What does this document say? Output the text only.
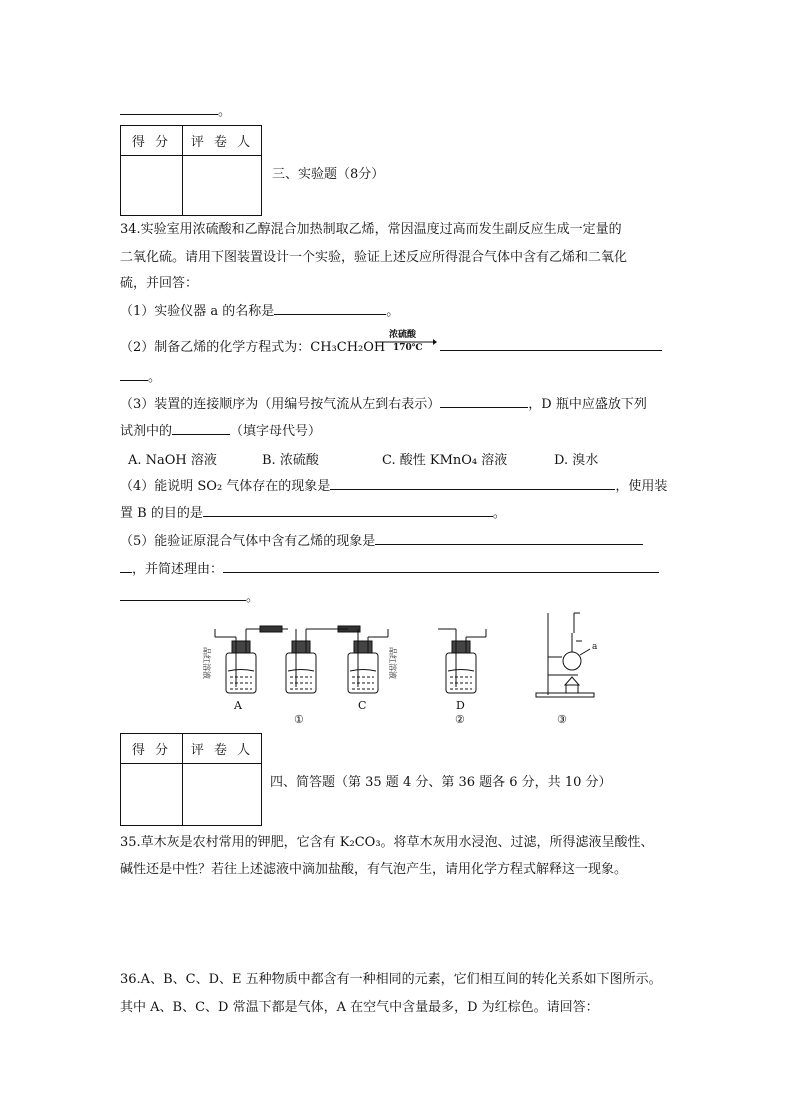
。
得 分	评 卷 人

三、实验题（8分）
34.实验室用浓硫酸和乙醇混合加热制取乙烯，常因温度过高而发生副反应生成一定量的
二氧化硫。请用下图装置设计一个实验，验证上述反应所得混合气体中含有乙烯和二氧化
硫，并回答：
（1）实验仪器 a 的名称是	。
（2）制备乙烯的化学方程式为：CH₃CH₂OH
浓硫酸
170℃
。
（3）装置的连接顺序为（用编号按气流从左到右表示）	，D 瓶中应盛放下列
试剂中的	（填字母代号）
A. NaOH 溶液	B. 浓硫酸	C. 酸性 KMnO₄ 溶液	D. 溴水
（4）能说明 SO₂ 气体存在的现象是	，使用装
置 B 的目的是	。
（5）能验证原混合气体中含有乙烯的现象是
，并简述理由：
。
A	C	D
①	②	③
a
品红溶液	品红溶液
得 分	评 卷 人

四、简答题（第 35 题 4 分、第 36 题各 6 分，共 10 分）
35.草木灰是农村常用的钾肥，它含有 K₂CO₃。将草木灰用水浸泡、过滤，所得滤液呈酸性、
碱性还是中性？若往上述滤液中滴加盐酸，有气泡产生，请用化学方程式解释这一现象。
36.A、B、C、D、E 五种物质中都含有一种相同的元素，它们相互间的转化关系如下图所示。
其中 A、B、C、D 常温下都是气体，A 在空气中含量最多，D 为红棕色。请回答：
